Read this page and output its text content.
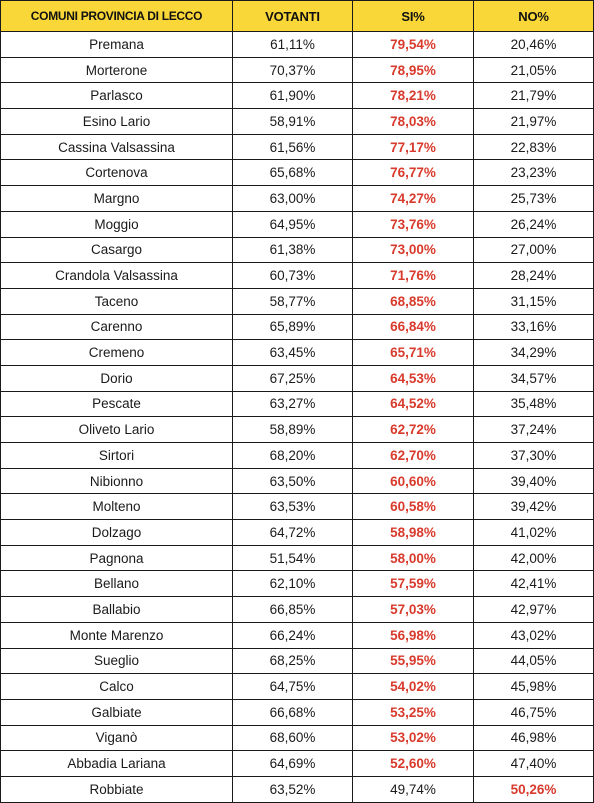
COMUNI PROVINCIA DI LECCO	VOTANTI	SI%	NO%
Premana	61,11%	79,54%	20,46%
Morterone	70,37%	78,95%	21,05%
Parlasco	61,90%	78,21%	21,79%
Esino Lario	58,91%	78,03%	21,97%
Cassina Valsassina	61,56%	77,17%	22,83%
Cortenova	65,68%	76,77%	23,23%
Margno	63,00%	74,27%	25,73%
Moggio	64,95%	73,76%	26,24%
Casargo	61,38%	73,00%	27,00%
Crandola Valsassina	60,73%	71,76%	28,24%
Taceno	58,77%	68,85%	31,15%
Carenno	65,89%	66,84%	33,16%
Cremeno	63,45%	65,71%	34,29%
Dorio	67,25%	64,53%	34,57%
Pescate	63,27%	64,52%	35,48%
Oliveto Lario	58,89%	62,72%	37,24%
Sirtori	68,20%	62,70%	37,30%
Nibionno	63,50%	60,60%	39,40%
Molteno	63,53%	60,58%	39,42%
Dolzago	64,72%	58,98%	41,02%
Pagnona	51,54%	58,00%	42,00%
Bellano	62,10%	57,59%	42,41%
Ballabio	66,85%	57,03%	42,97%
Monte Marenzo	66,24%	56,98%	43,02%
Sueglio	68,25%	55,95%	44,05%
Calco	64,75%	54,02%	45,98%
Galbiate	66,68%	53,25%	46,75%
Viganò	68,60%	53,02%	46,98%
Abbadia Lariana	64,69%	52,60%	47,40%
Robbiate	63,52%	49,74%	50,26%
